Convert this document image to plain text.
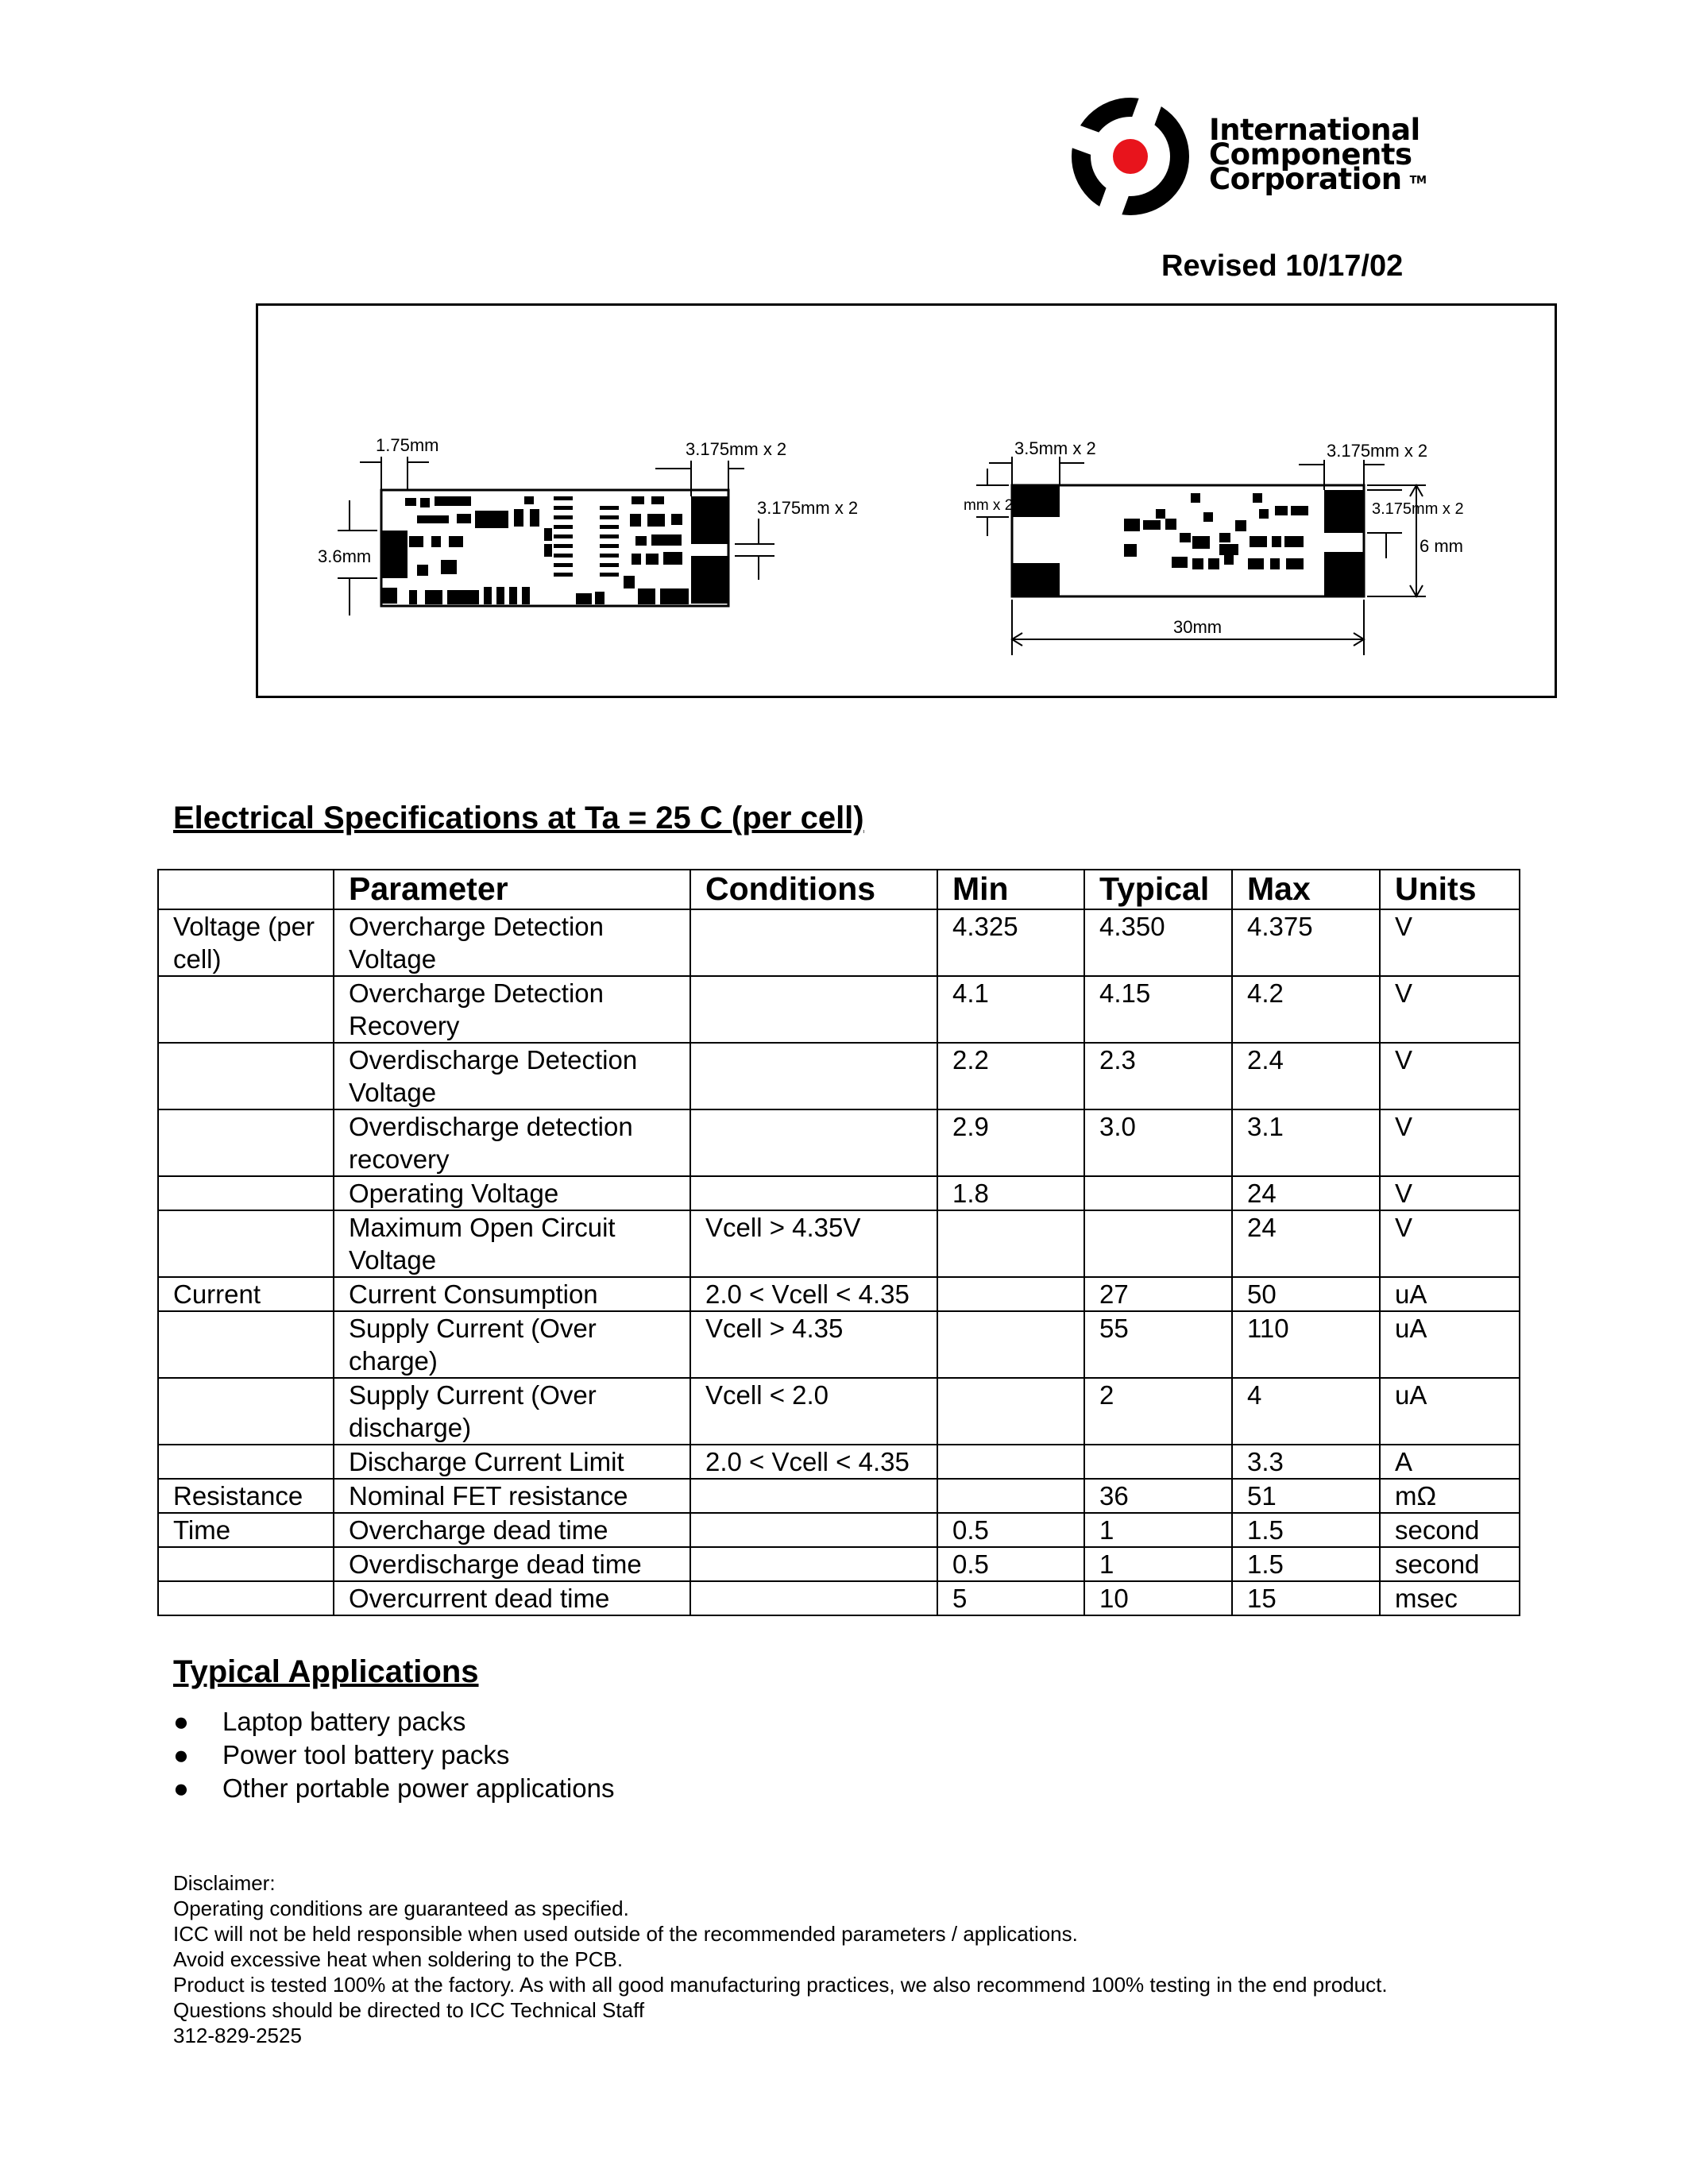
International
Components
Corporation TM
Revised 10/17/02
1.75mm	3.175mm x 2
3.175mm x 2
3.6mm
3.5mm x 2	3.175mm x 2
mm x 2	3.175mm x 2
6 mm
30mm
Electrical Specifications at Ta = 25 C (per cell)
	Parameter	Conditions	Min	Typical	Max	Units
Voltage (per cell)	Overcharge Detection Voltage		4.325	4.350	4.375	V
	Overcharge Detection Recovery		4.1	4.15	4.2	V
	Overdischarge Detection Voltage		2.2	2.3	2.4	V
	Overdischarge detection recovery		2.9	3.0	3.1	V
	Operating Voltage		1.8		24	V
	Maximum Open Circuit Voltage	Vcell > 4.35V			24	V
Current	Current Consumption	2.0 < Vcell < 4.35		27	50	uA
	Supply Current (Over charge)	Vcell > 4.35		55	110	uA
	Supply Current (Over discharge)	Vcell < 2.0		2	4	uA
	Discharge Current Limit	2.0 < Vcell < 4.35			3.3	A
Resistance	Nominal FET resistance			36	51	mΩ
Time	Overcharge dead time		0.5	1	1.5	second
	Overdischarge dead time		0.5	1	1.5	second
	Overcurrent dead time		5	10	15	msec
Typical Applications
● Laptop battery packs
● Power tool battery packs
● Other portable power applications
Disclaimer:
Operating conditions are guaranteed as specified.
ICC will not be held responsible when used outside of the recommended parameters / applications.
Avoid excessive heat when soldering to the PCB.
Product is tested 100% at the factory. As with all good manufacturing practices, we also recommend 100% testing in the end product.
Questions should be directed to ICC Technical Staff
312-829-2525
